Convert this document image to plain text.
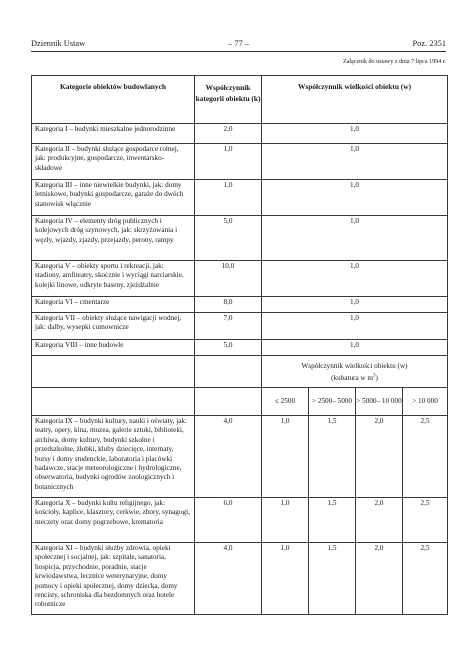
Dziennik Ustaw	– 77 –	Poz. 2351
Załącznik do ustawy z dnia 7 lipca 1994 r.
Kategorie obiektów budowlanych	Współczynnik kategorii obiektu (k)	Współczynnik wielkości obiektu (w)			
Kategoria I – budynki mieszkalne jednorodzinne	2,0	1,0			
Kategoria II – budynki służące gospodarce rolnej, jak: produkcyjne, gospodarcze, inwentarsko-składowe	1,0	1,0			
Kategoria III – inne niewielkie budynki, jak: domy letniskowe, budynki gospodarcze, garaże do dwóch stanowisk włącznie	1,0	1,0			
Kategoria IV – elementy dróg publicznych i kolejowych dróg szynowych, jak: skrzyżowania i węzły, wjazdy, zjazdy, przejazdy, perony, rampy	5,0	1,0			
Kategoria V – obiekty sportu i rekreacji, jak: stadiony, amfiteatry, skocznie i wyciągi narciarskie, kolejki linowe, odkryte baseny, zjeżdżalnie	10,0	1,0			
Kategoria VI – cmentarze	8,0	1,0			
Kategoria VII – obiekty służące nawigacji wodnej, jak: dalby, wysepki cumownicze	7,0	1,0			
Kategoria VIII – inne budowle	5,0	1,0			
		Współczynnik wielkości obiektu (w)
(kubatura w $m^3$)			
		≤ 2500	> 2500– 5000	> 5000– 10 000	> 10 000
Kategoria IX – budynki kultury, nauki i oświaty, jak: teatry, opery, kina, muzea, galerie sztuki, biblioteki, archiwa, domy kultury, budynki szkolne i przedszkolne, żłobki, kluby dziecięce, internaty, bursy i domy studenckie, laboratoria i placówki badawcze, stacje meteorologiczne i hydrologiczne, obserwatoria, budynki ogrodów zoologicznych i botanicznych	4,0	1,0	1,5	2,0	2,5
Kategoria X – budynki kultu religijnego, jak: kościoły, kaplice, klasztory, cerkwie, zbory, synagogi, meczety oraz domy pogrzebowe, krematoria	6,0	1,0	1,5	2,0	2,5
Kategoria XI – budynki służby zdrowia, opieki społecznej i socjalnej, jak: szpitale, sanatoria, hospicja, przychodnie, poradnie, stacje krwiodawstwa, lecznice weterynaryjne, domy pomocy i opieki społecznej, domy dziecka, domy rencisty, schroniska dla bezdomnych oraz hotele robotnicze	4,0	1,0	1,5	2,0	2,5
